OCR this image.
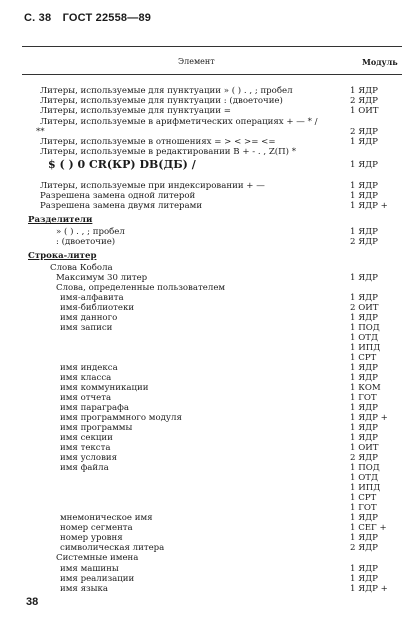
С. 38 ГОСТ 22558—89
Элемент	Модуль
Литеры, используемые для пунктуации » ( ) . , ; пробел	1 ЯДР
Литеры, используемые для пунктуации : (двоеточие)	2 ЯДР
Литеры, используемые для пунктуации =	1 ОИТ
Литеры, используемые в арифметических операциях + — * /
**	2 ЯДР
Литеры, используемые в отношениях = > < >= <=	1 ЯДР
Литеры, используемые в редактировании B + - . , Z(П) *
$ ( ) 0 CR(КР) DB(ДБ) /	1 ЯДР
Литеры, используемые при индексировании + —	1 ЯДР
Разрешена замена одной литерой	1 ЯДР
Разрешена замена двумя литерами	1 ЯДР +
Разделители
» ( ) . , ; пробел	1 ЯДР
: (двоеточие)	2 ЯДР
Строка-литер
Слова Кобола
Максимум 30 литер	1 ЯДР
Слова, определенные пользователем
имя-алфавита	1 ЯДР
имя-библиотеки	2 ОИТ
имя данного	1 ЯДР
имя записи	1 ПОД
1 ОТД
1 ИПД
1 СРТ
имя индекса	1 ЯДР
имя класса	1 ЯДР
имя коммуникации	1 КОМ
имя отчета	1 ГОТ
имя параграфа	1 ЯДР
имя программного модуля	1 ЯДР +
имя программы	1 ЯДР
имя секции	1 ЯДР
имя текста	1 ОИТ
имя условия	2 ЯДР
имя файла	1 ПОД
1 ОТД
1 ИПД
1 СРТ
1 ГОТ
мнемоническое имя	1 ЯДР
номер сегмента	1 СЕГ +
номер уровня	1 ЯДР
символическая литера	2 ЯДР
Системные имена
имя машины	1 ЯДР
имя реализации	1 ЯДР
имя языка	1 ЯДР +
38
